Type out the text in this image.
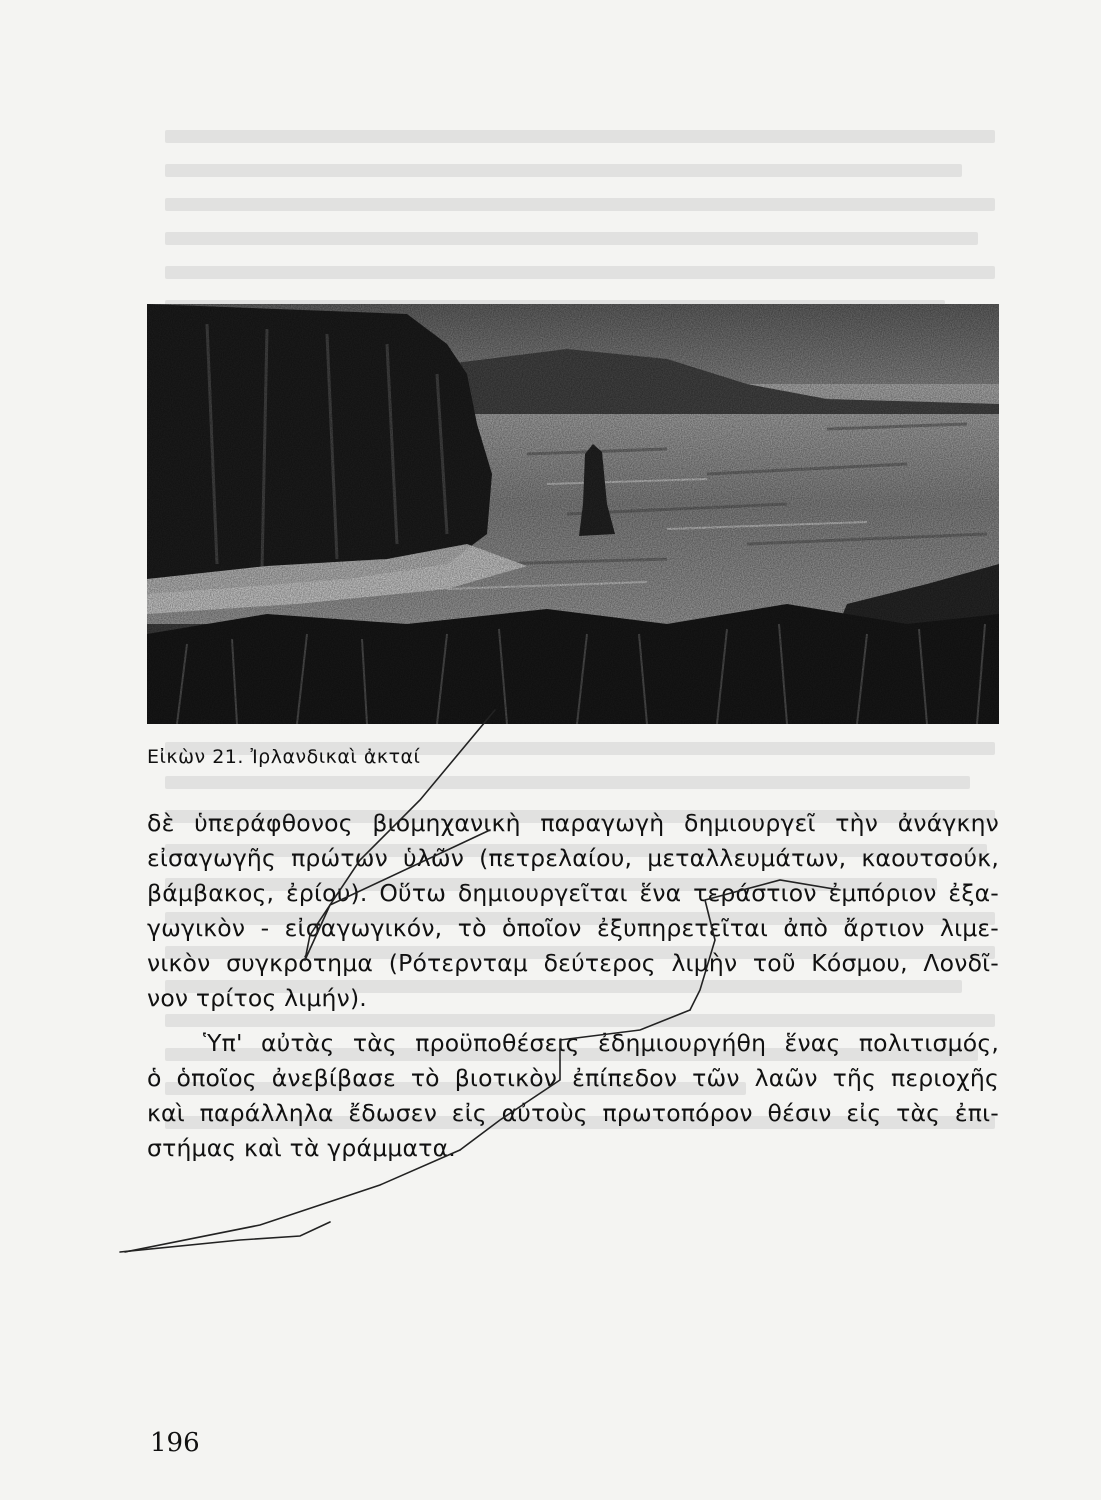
Εἰκὼν 21. Ἰρλανδικαὶ ἀκταί
δὲ ὑπεράφθονος βιομηχανικὴ παραγωγὴ δημιουργεῖ τὴν ἀνάγκην
εἰσαγωγῆς πρώτων ὑλῶν (πετρελαίου, μεταλλευμάτων, καουτσούκ,
βάμβακος, ἐρίου). Οὕτω δημιουργεῖται ἕνα τεράστιον ἐμπόριον ἐξα-
γωγικὸν - εἰσαγωγικόν, τὸ ὁποῖον ἐξυπηρετεῖται ἀπὸ ἄρτιον λιμε-
νικὸν συγκρότημα (Ρότερνταμ δεύτερος λιμὴν τοῦ Κόσμου, Λονδῖ-
νον τρίτος λιμήν).
Ὑπ' αὐτὰς τὰς προϋποθέσεις ἐδημιουργήθη ἕνας πολιτισμός,
ὁ ὁποῖος ἀνεβίβασε τὸ βιοτικὸν ἐπίπεδον τῶν λαῶν τῆς περιοχῆς
καὶ παράλληλα ἔδωσεν εἰς αὐτοὺς πρωτοπόρον θέσιν εἰς τὰς ἐπι-
στήμας καὶ τὰ γράμματα.
196
